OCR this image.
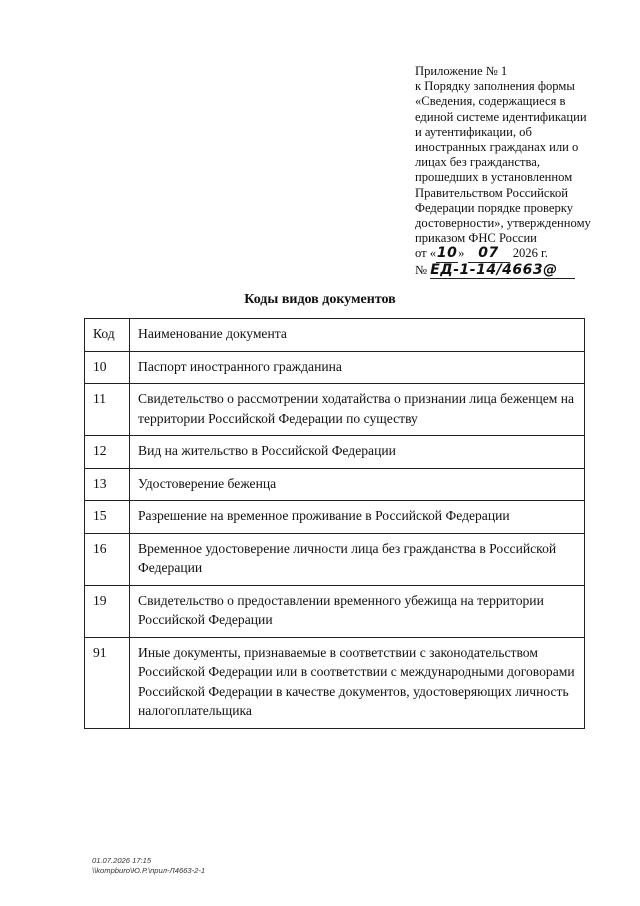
Приложение № 1
к Порядку заполнения формы
«Сведения, содержащиеся в
единой системе идентификации
и аутентификации, об
иностранных гражданах или о
лицах без гражданства,
прошедших в установленном
Правительством Российской
Федерации порядке проверку
достоверности», утвержденному
приказом ФНС России
от «10» 07 2026 г.
№ ЕД-1-14/4663@
Коды видов документов
Код	Наименование документа
10	Паспорт иностранного гражданина
11	Свидетельство о рассмотрении ходатайства о признании лица беженцем на территории Российской Федерации по существу
12	Вид на жительство в Российской Федерации
13	Удостоверение беженца
15	Разрешение на временное проживание в Российской Федерации
16	Временное удостоверение личности лица без гражданства в Российской Федерации
19	Свидетельство о предоставлении временного убежища на территории Российской Федерации
91	Иные документы, признаваемые в соответствии с законодательством Российской Федерации или в соответствии с международными договорами Российской Федерации в качестве документов, удостоверяющих личность налогоплательщика
01.07.2026 17:15
\\kompburo\Ю.Р.\прил-Л4663-2-1
